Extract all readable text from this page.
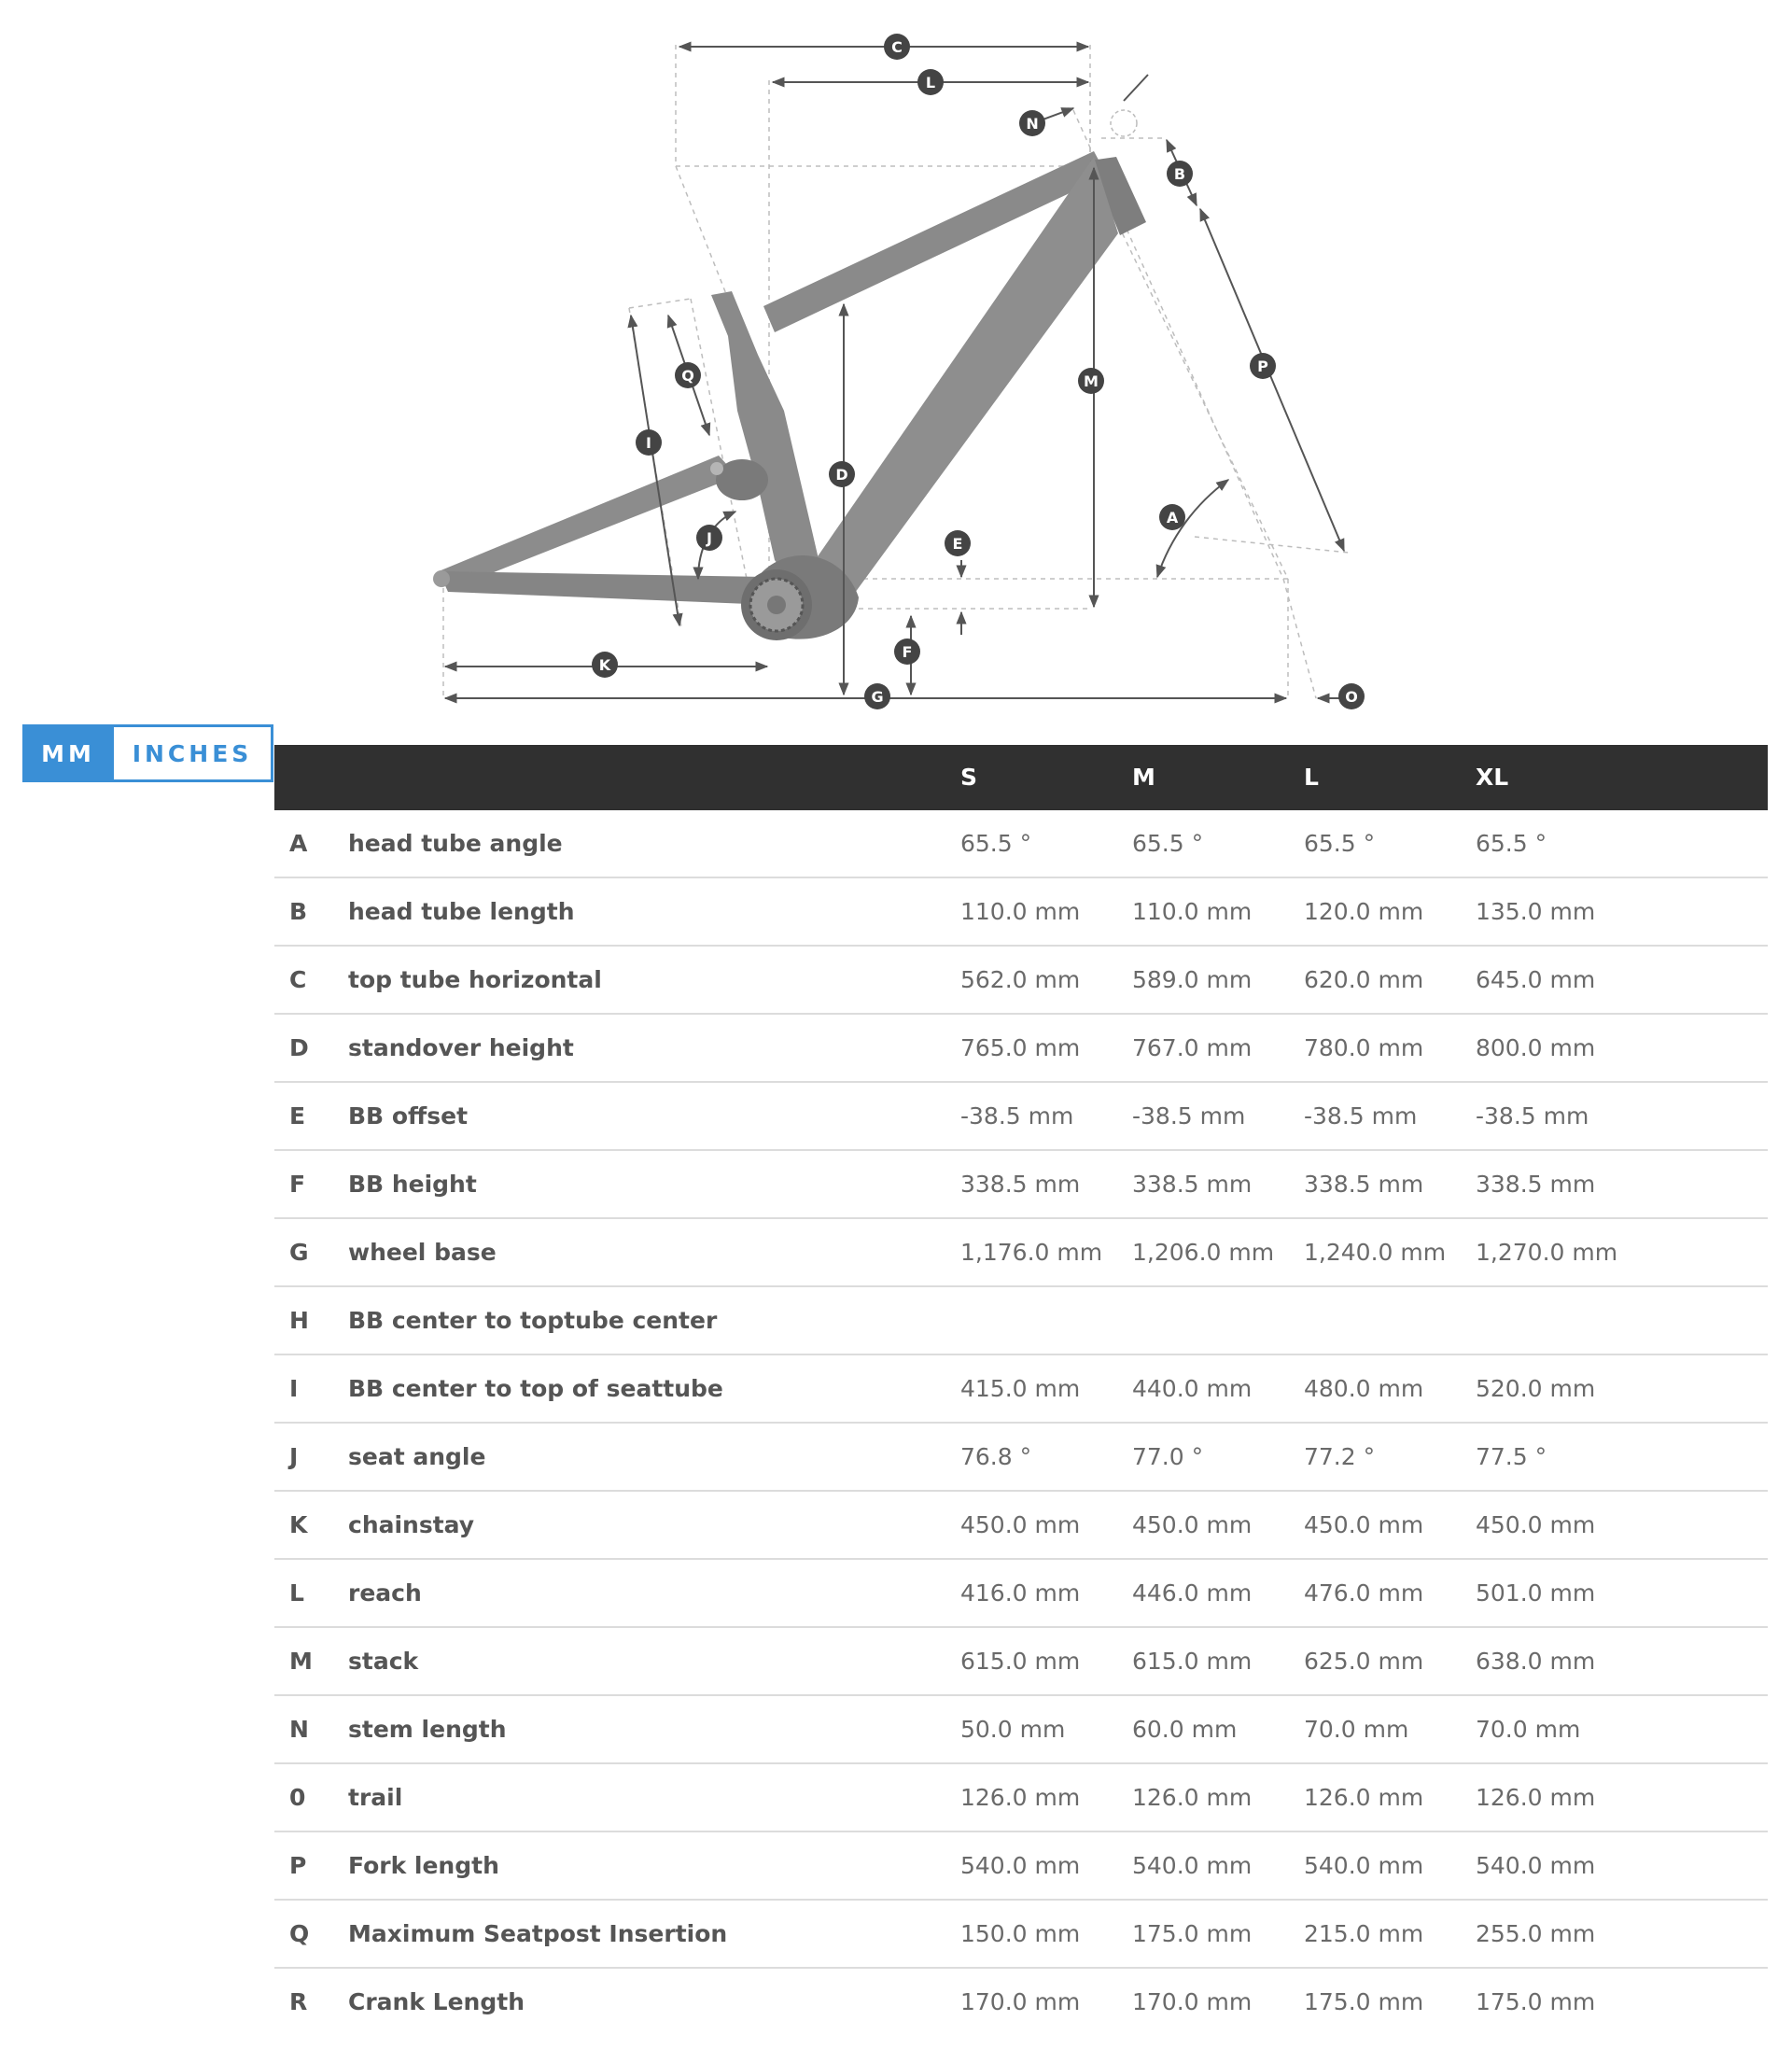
C
L
N
B
P
Q
I
M
D
A
E
J
F
K
G	O
MM	INCHES
S	M	L	XL
A head tube angle	65.5 °	65.5 °	65.5 °	65.5 °
B head tube length	110.0 mm 110.0 mm 120.0 mm 135.0 mm
C top tube horizontal	562.0 mm 589.0 mm 620.0 mm 645.0 mm
D standover height	765.0 mm 767.0 mm 780.0 mm 800.0 mm
E BB offset	-38.5 mm	-38.5 mm	-38.5 mm	-38.5 mm
F BB height	338.5 mm 338.5 mm 338.5 mm 338.5 mm
G wheel base	1,176.0 mm 1,206.0 mm 1,240.0 mm 1,270.0 mm
H BB center to toptube center
I BB center to top of seattube	415.0 mm 440.0 mm 480.0 mm 520.0 mm
J seat angle	76.8 °	77.0 °	77.2 °	77.5 °
K chainstay	450.0 mm 450.0 mm 450.0 mm 450.0 mm
L reach	416.0 mm 446.0 mm 476.0 mm 501.0 mm
M stack	615.0 mm 615.0 mm 625.0 mm 638.0 mm
N stem length	50.0 mm	60.0 mm	70.0 mm	70.0 mm
0 trail	126.0 mm 126.0 mm 126.0 mm 126.0 mm
P Fork length	540.0 mm 540.0 mm 540.0 mm 540.0 mm
Q Maximum Seatpost Insertion	150.0 mm 175.0 mm 215.0 mm 255.0 mm
R Crank Length	170.0 mm 170.0 mm 175.0 mm 175.0 mm
